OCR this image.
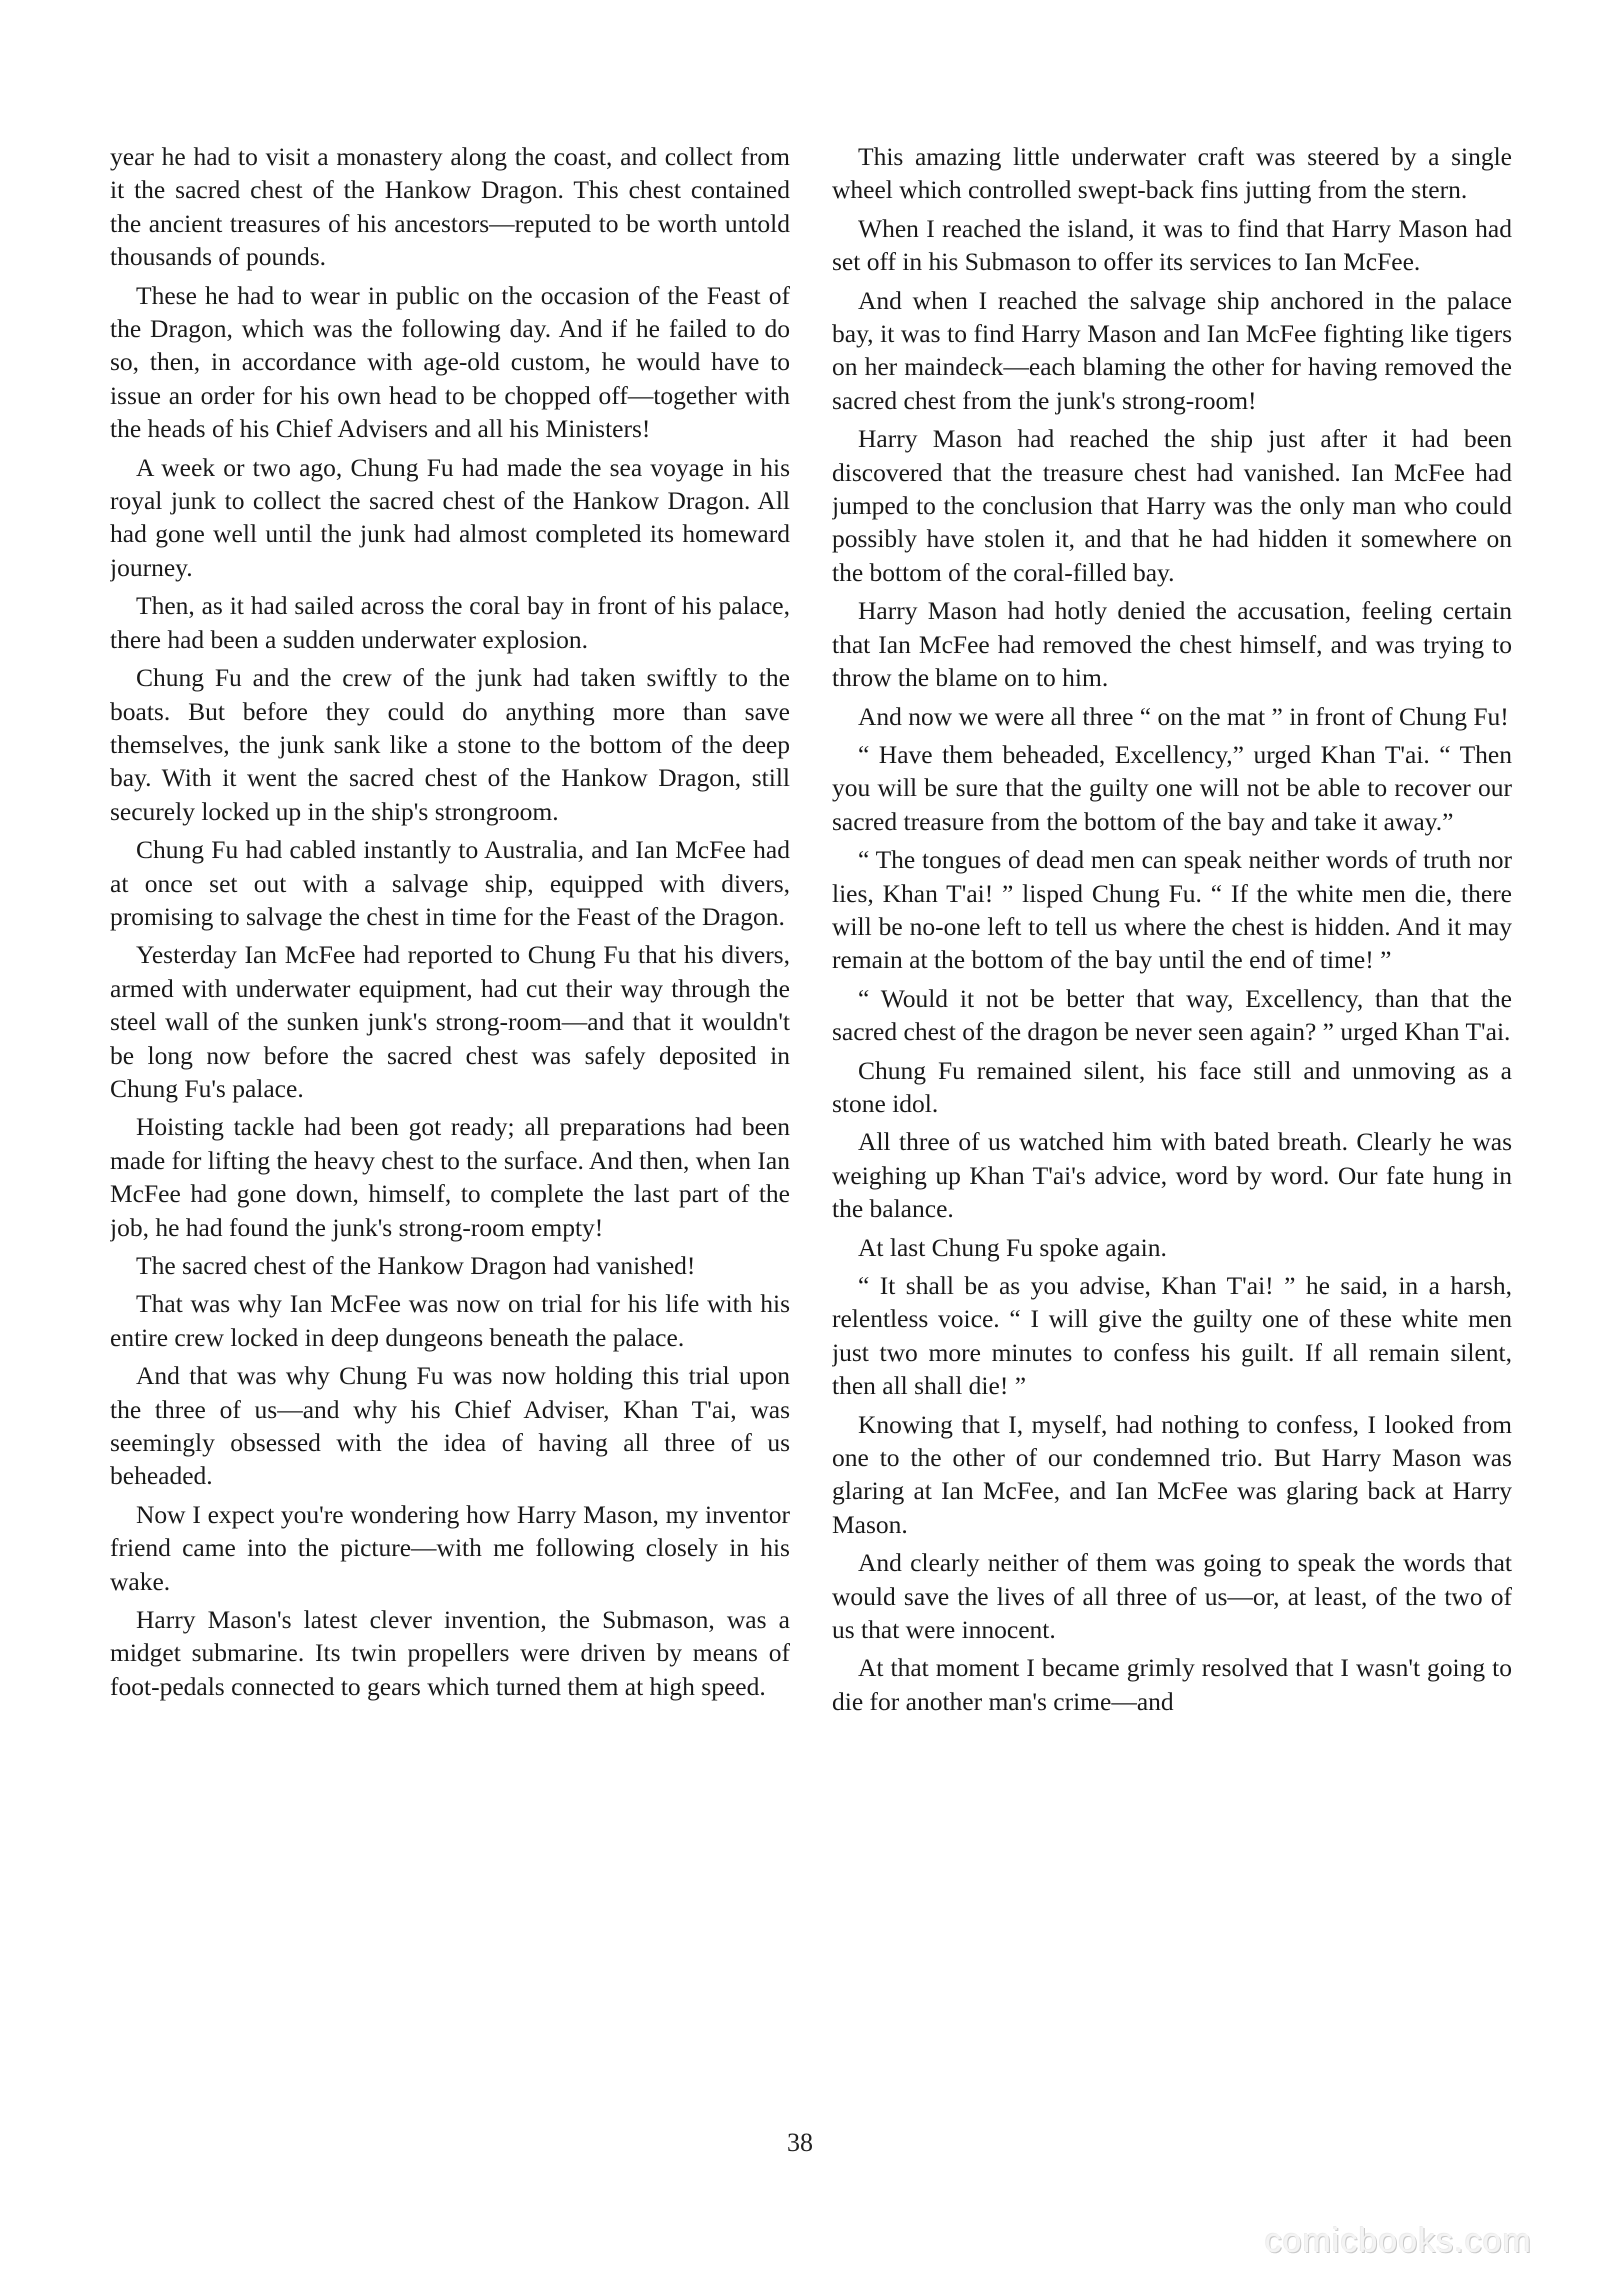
year he had to visit a monastery along the coast, and collect from it the sacred chest of the Hankow Dragon. This chest contained the ancient treasures of his ancestors—reputed to be worth untold thousands of pounds.

These he had to wear in public on the occasion of the Feast of the Dragon, which was the following day. And if he failed to do so, then, in accordance with age-old custom, he would have to issue an order for his own head to be chopped off—together with the heads of his Chief Advisers and all his Ministers!

A week or two ago, Chung Fu had made the sea voyage in his royal junk to collect the sacred chest of the Hankow Dragon. All had gone well until the junk had almost completed its homeward journey.

Then, as it had sailed across the coral bay in front of his palace, there had been a sudden underwater explosion.

Chung Fu and the crew of the junk had taken swiftly to the boats. But before they could do anything more than save themselves, the junk sank like a stone to the bottom of the deep bay. With it went the sacred chest of the Hankow Dragon, still securely locked up in the ship's strongroom.

Chung Fu had cabled instantly to Australia, and Ian McFee had at once set out with a salvage ship, equipped with divers, promising to salvage the chest in time for the Feast of the Dragon.

Yesterday Ian McFee had reported to Chung Fu that his divers, armed with underwater equipment, had cut their way through the steel wall of the sunken junk's strong-room—and that it wouldn't be long now before the sacred chest was safely deposited in Chung Fu's palace.

Hoisting tackle had been got ready; all preparations had been made for lifting the heavy chest to the surface. And then, when Ian McFee had gone down, himself, to complete the last part of the job, he had found the junk's strong-room empty!

The sacred chest of the Hankow Dragon had vanished!

That was why Ian McFee was now on trial for his life with his entire crew locked in deep dungeons beneath the palace.

And that was why Chung Fu was now holding this trial upon the three of us—and why his Chief Adviser, Khan T'ai, was seemingly obsessed with the idea of having all three of us beheaded.

Now I expect you're wondering how Harry Mason, my inventor friend came into the picture—with me following closely in his wake.

Harry Mason's latest clever invention, the Submason, was a midget submarine. Its twin propellers were driven by means of foot-pedals connected to gears which turned them at high speed.

This amazing little underwater craft was steered by a single wheel which controlled swept-back fins jutting from the stern.

When I reached the island, it was to find that Harry Mason had set off in his Submason to offer its services to Ian McFee.

And when I reached the salvage ship anchored in the palace bay, it was to find Harry Mason and Ian McFee fighting like tigers on her maindeck—each blaming the other for having removed the sacred chest from the junk's strong-room!

Harry Mason had reached the ship just after it had been discovered that the treasure chest had vanished. Ian McFee had jumped to the conclusion that Harry was the only man who could possibly have stolen it, and that he had hidden it somewhere on the bottom of the coral-filled bay.

Harry Mason had hotly denied the accusation, feeling certain that Ian McFee had removed the chest himself, and was trying to throw the blame on to him.

And now we were all three “ on the mat ” in front of Chung Fu!

“ Have them beheaded, Excellency,” urged Khan T'ai. “ Then you will be sure that the guilty one will not be able to recover our sacred treasure from the bottom of the bay and take it away.”

“ The tongues of dead men can speak neither words of truth nor lies, Khan T'ai! ” lisped Chung Fu. “ If the white men die, there will be no-one left to tell us where the chest is hidden. And it may remain at the bottom of the bay until the end of time! ”

“ Would it not be better that way, Excellency, than that the sacred chest of the dragon be never seen again? ” urged Khan T'ai.

Chung Fu remained silent, his face still and unmoving as a stone idol.

All three of us watched him with bated breath. Clearly he was weighing up Khan T'ai's advice, word by word. Our fate hung in the balance.

At last Chung Fu spoke again.

“ It shall be as you advise, Khan T'ai! ” he said, in a harsh, relentless voice. “ I will give the guilty one of these white men just two more minutes to confess his guilt. If all remain silent, then all shall die! ”

Knowing that I, myself, had nothing to confess, I looked from one to the other of our condemned trio. But Harry Mason was glaring at Ian McFee, and Ian McFee was glaring back at Harry Mason.

And clearly neither of them was going to speak the words that would save the lives of all three of us—or, at least, of the two of us that were innocent.

At that moment I became grimly resolved that I wasn't going to die for another man's crime—and

38
comicbooks.com
